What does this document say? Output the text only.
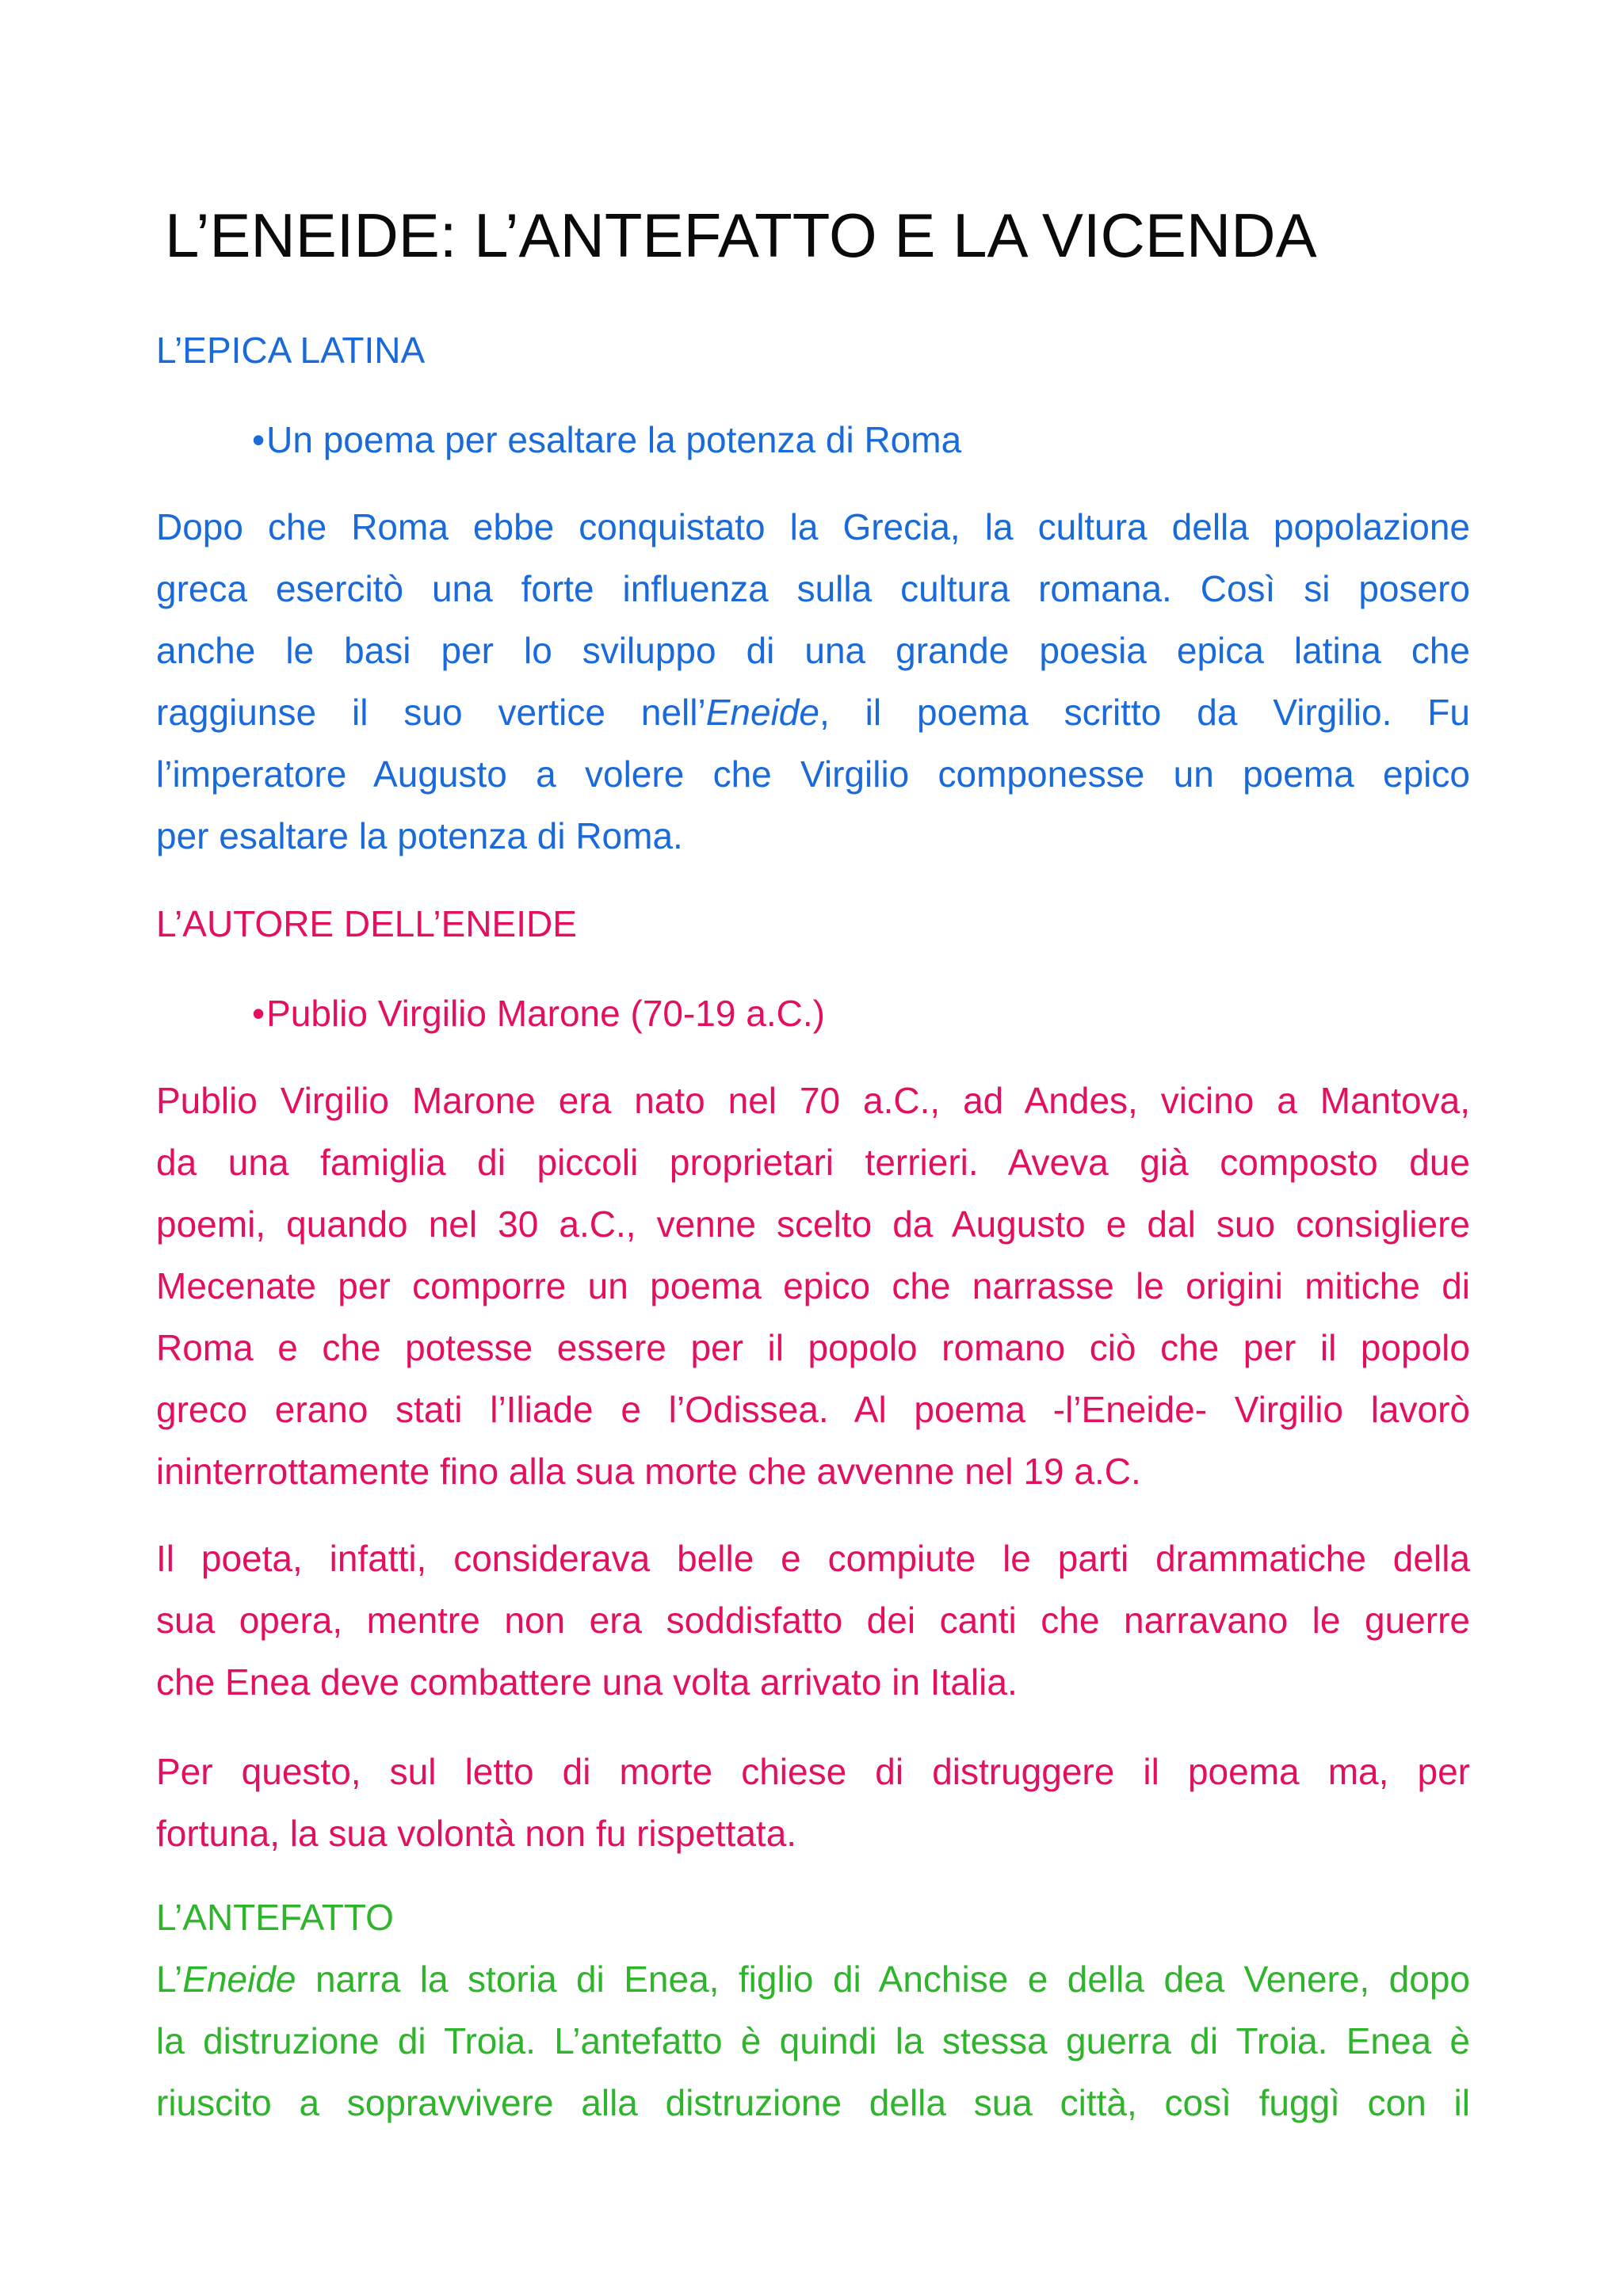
L’ENEIDE: L’ANTEFATTO E LA VICENDA
L’EPICA LATINA

•Un poema per esaltare la potenza di Roma

Dopo che Roma ebbe conquistato la Grecia, la cultura della popolazione
greca esercitò una forte influenza sulla cultura romana. Così si posero
anche le basi per lo sviluppo di una grande poesia epica latina che
raggiunse il suo vertice nell’Eneide, il poema scritto da Virgilio. Fu
l’imperatore Augusto a volere che Virgilio componesse un poema epico
per esaltare la potenza di Roma.
L’AUTORE DELL’ENEIDE

•Publio Virgilio Marone (70-19 a.C.)

Publio Virgilio Marone era nato nel 70 a.C., ad Andes, vicino a Mantova,
da una famiglia di piccoli proprietari terrieri. Aveva già composto due
poemi, quando nel 30 a.C., venne scelto da Augusto e dal suo consigliere
Mecenate per comporre un poema epico che narrasse le origini mitiche di
Roma e che potesse essere per il popolo romano ciò che per il popolo
greco erano stati l’Iliade e l’Odissea. Al poema -l’Eneide- Virgilio lavorò
ininterrottamente fino alla sua morte che avvenne nel 19 a.C.
Il poeta, infatti, considerava belle e compiute le parti drammatiche della
sua opera, mentre non era soddisfatto dei canti che narravano le guerre
che Enea deve combattere una volta arrivato in Italia.
Per questo, sul letto di morte chiese di distruggere il poema ma, per
fortuna, la sua volontà non fu rispettata.
L’ANTEFATTO
L’Eneide narra la storia di Enea, figlio di Anchise e della dea Venere, dopo
la distruzione di Troia. L’antefatto è quindi la stessa guerra di Troia. Enea è
riuscito a sopravvivere alla distruzione della sua città, così fuggì con il
